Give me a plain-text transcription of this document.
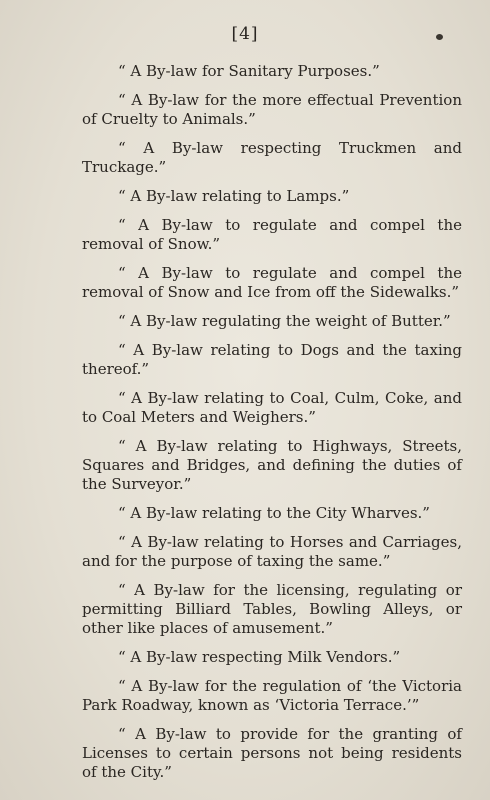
[4]

“ A By-law for Sanitary Purposes.”

“ A By-law for the more effectual Prevention of Cruelty to Animals.”

“ A By-law respecting Truckmen and Truckage.”

“ A By-law relating to Lamps.”

“ A By-law to regulate and compel the removal of Snow.”

“ A By-law to regulate and compel the removal of Snow and Ice from off the Sidewalks.”

“ A By-law regulating the weight of Butter.”

“ A By-law relating to Dogs and the taxing thereof.”

“ A By-law relating to Coal, Culm, Coke, and to Coal Meters and Weighers.”

“ A By-law relating to Highways, Streets, Squares and Bridges, and defining the duties of the Surveyor.”

“ A By-law relating to the City Wharves.”

“ A By-law relating to Horses and Carriages, and for the purpose of taxing the same.”

“ A By-law for the licensing, regulating or permitting Billiard Tables, Bowling Alleys, or other like places of amusement.”

“ A By-law respecting Milk Vendors.”

“ A By-law for the regulation of ‘the Victoria Park Roadway, known as ‘Victoria Terrace.’”

“ A By-law to provide for the granting of Licenses to certain persons not being residents of the City.”
